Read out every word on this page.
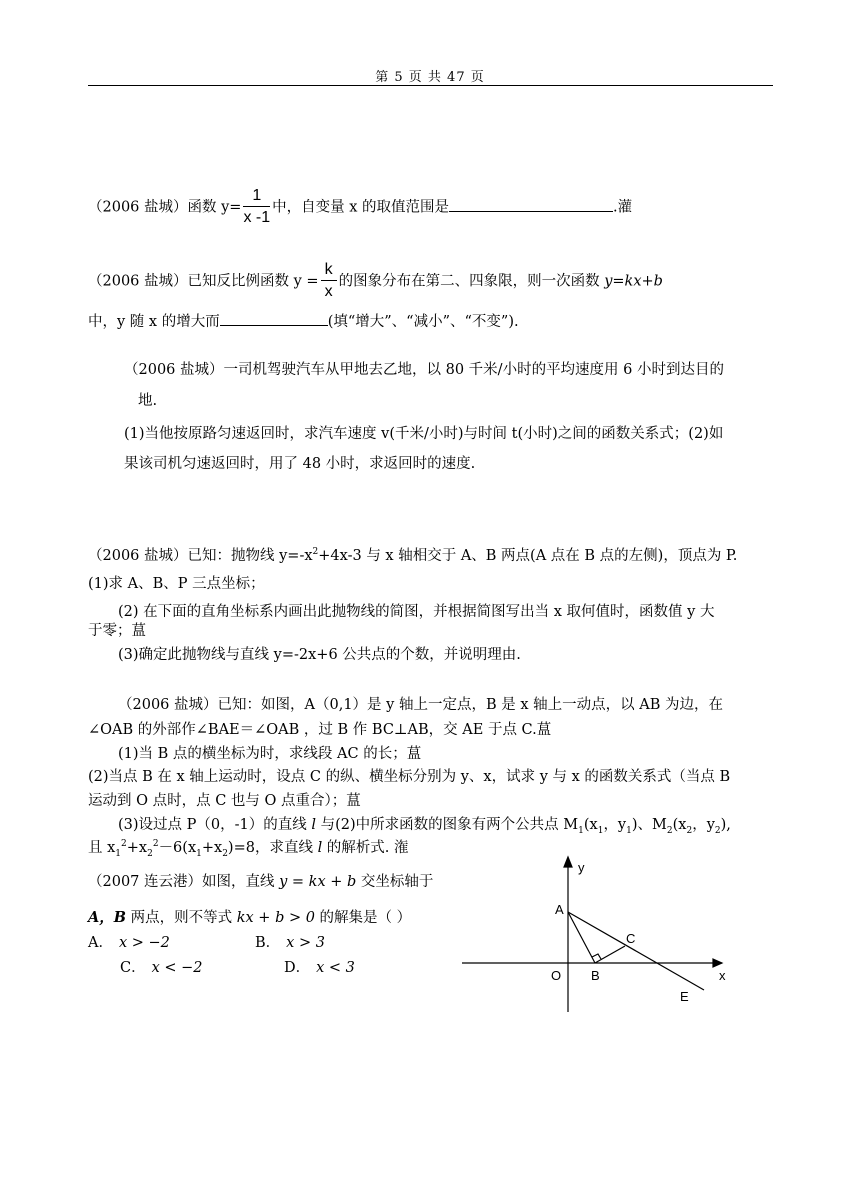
第 5 页 共 47 页
（2006 盐城）函数 $y= \frac{1}{x -1}$ 中，自变量 x 的取值范围是	.灌
（2006 盐城）已知反比例函数 $y = \frac{k}{x}$ 的图象分布在第二、四象限，则一次函数 y=kx+b
中，y 随 x 的增大而	(填“增大”、“减小”、“不变”).
（2006 盐城）一司机驾驶汽车从甲地去乙地，以 80 千米/小时的平均速度用 6 小时到达目的
地.
(1)当他按原路匀速返回时，求汽车速度 v(千米/小时)与时间 t(小时)之间的函数关系式；(2)如
果该司机匀速返回时，用了 48 小时，求返回时的速度.
（2006 盐城）已知：抛物线 $y=-x^2+4x-3$ 与 x 轴相交于 A、B 两点(A 点在 B 点的左侧)，顶点为 P.
(1)求 A、B、P 三点坐标；
(2) 在下面的直角坐标系内画出此抛物线的简图，并根据简图写出当 x 取何值时，函数值 y 大
于零；蒀
(3)确定此抛物线与直线 y=-2x+6 公共点的个数，并说明理由.
（2006 盐城）已知：如图，A（0,1）是 y 轴上一定点，B 是 x 轴上一动点，以 AB 为边，在
∠OAB 的外部作∠BAE＝∠OAB ，过 B 作 BC⊥AB，交 AE 于点 C.蒀
(1)当 B 点的横坐标为时，求线段 AC 的长；蒀
(2)当点 B 在 x 轴上运动时，设点 C 的纵、横坐标分别为 y、x，试求 y 与 x 的函数关系式（当点 B
运动到 O 点时，点 C 也与 O 点重合）；蒀
(3)设过点 P（0，-1）的直线 l 与(2)中所求函数的图象有两个公共点 $M_1(x_1$，$y_1$)、$M_2(x_2$，$y_2$),
且 $x_1^2+x_2^2-6(x_1+x_2)=8$，求直线 l 的解析式. 潅
（2007 连云港）如图，直线 y = kx + b 交坐标轴于
A，B 两点，则不等式 kx + b > 0 的解集是（ ）
A． x > −2	B． x > 3
C． x < −2	D． x < 3
y
x
A
B
C
O
E
